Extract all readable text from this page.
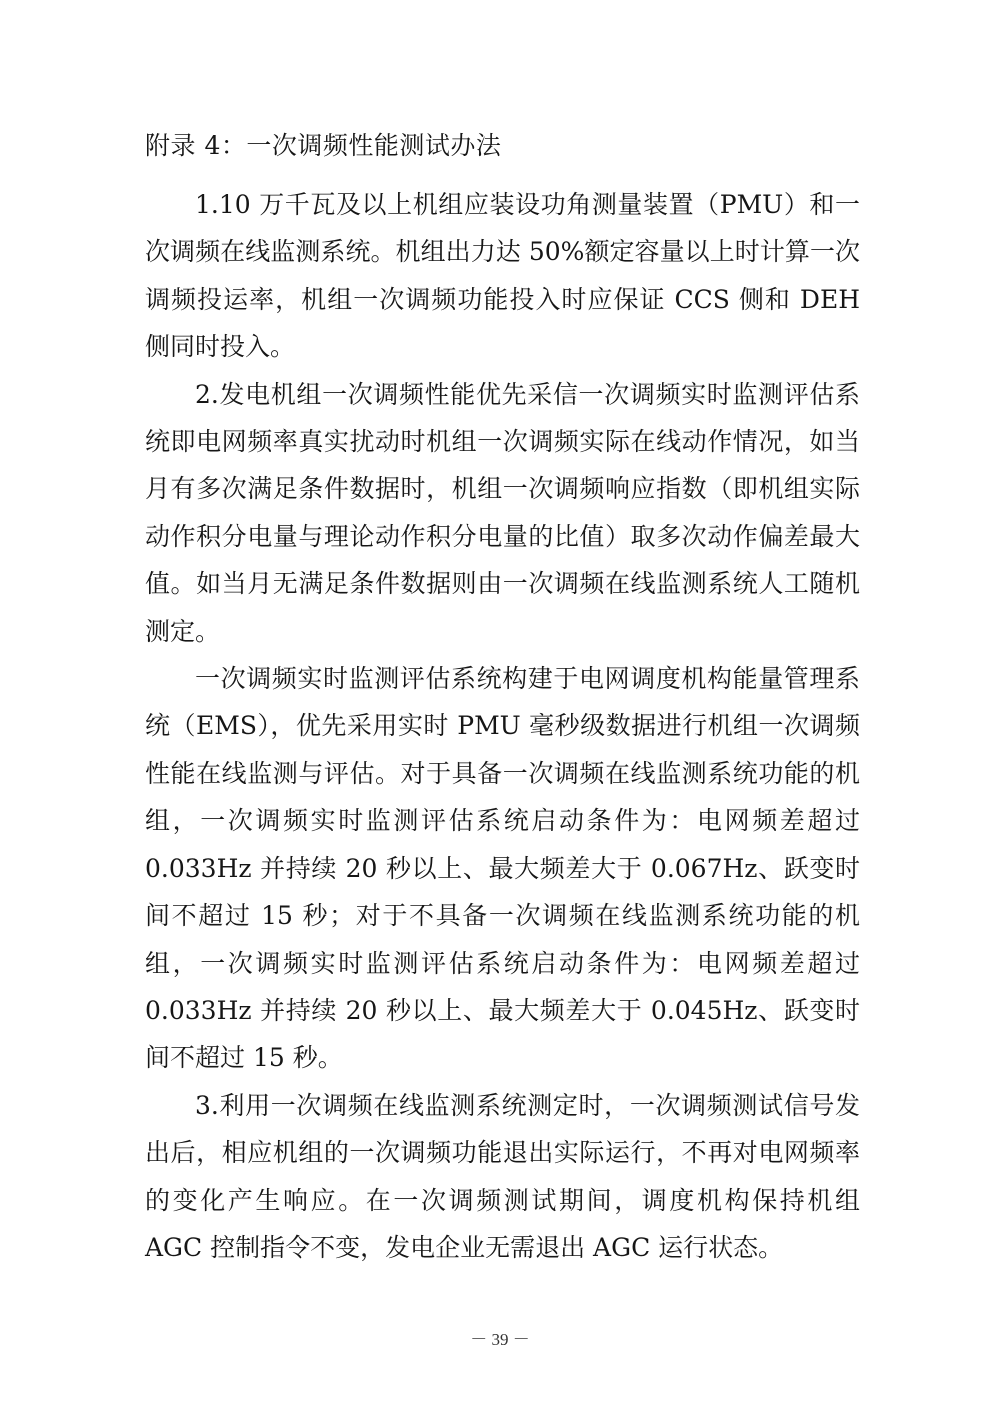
附录 4：一次调频性能测试办法

1.10 万千瓦及以上机组应装设功角测量装置（PMU）和一次调频在线监测系统。机组出力达 50%额定容量以上时计算一次调频投运率，机组一次调频功能投入时应保证 CCS 侧和 DEH 侧同时投入。

2.发电机组一次调频性能优先采信一次调频实时监测评估系统即电网频率真实扰动时机组一次调频实际在线动作情况，如当月有多次满足条件数据时，机组一次调频响应指数（即机组实际动作积分电量与理论动作积分电量的比值）取多次动作偏差最大值。如当月无满足条件数据则由一次调频在线监测系统人工随机测定。

一次调频实时监测评估系统构建于电网调度机构能量管理系统（EMS），优先采用实时 PMU 毫秒级数据进行机组一次调频性能在线监测与评估。对于具备一次调频在线监测系统功能的机组，一次调频实时监测评估系统启动条件为：电网频差超过 0.033Hz 并持续 20 秒以上、最大频差大于 0.067Hz、跃变时间不超过 15 秒；对于不具备一次调频在线监测系统功能的机组，一次调频实时监测评估系统启动条件为：电网频差超过 0.033Hz 并持续 20 秒以上、最大频差大于 0.045Hz、跃变时间不超过 15 秒。

3.利用一次调频在线监测系统测定时，一次调频测试信号发出后，相应机组的一次调频功能退出实际运行，不再对电网频率的变化产生响应。在一次调频测试期间，调度机构保持机组 AGC 控制指令不变，发电企业无需退出 AGC 运行状态。

－ 39 －
